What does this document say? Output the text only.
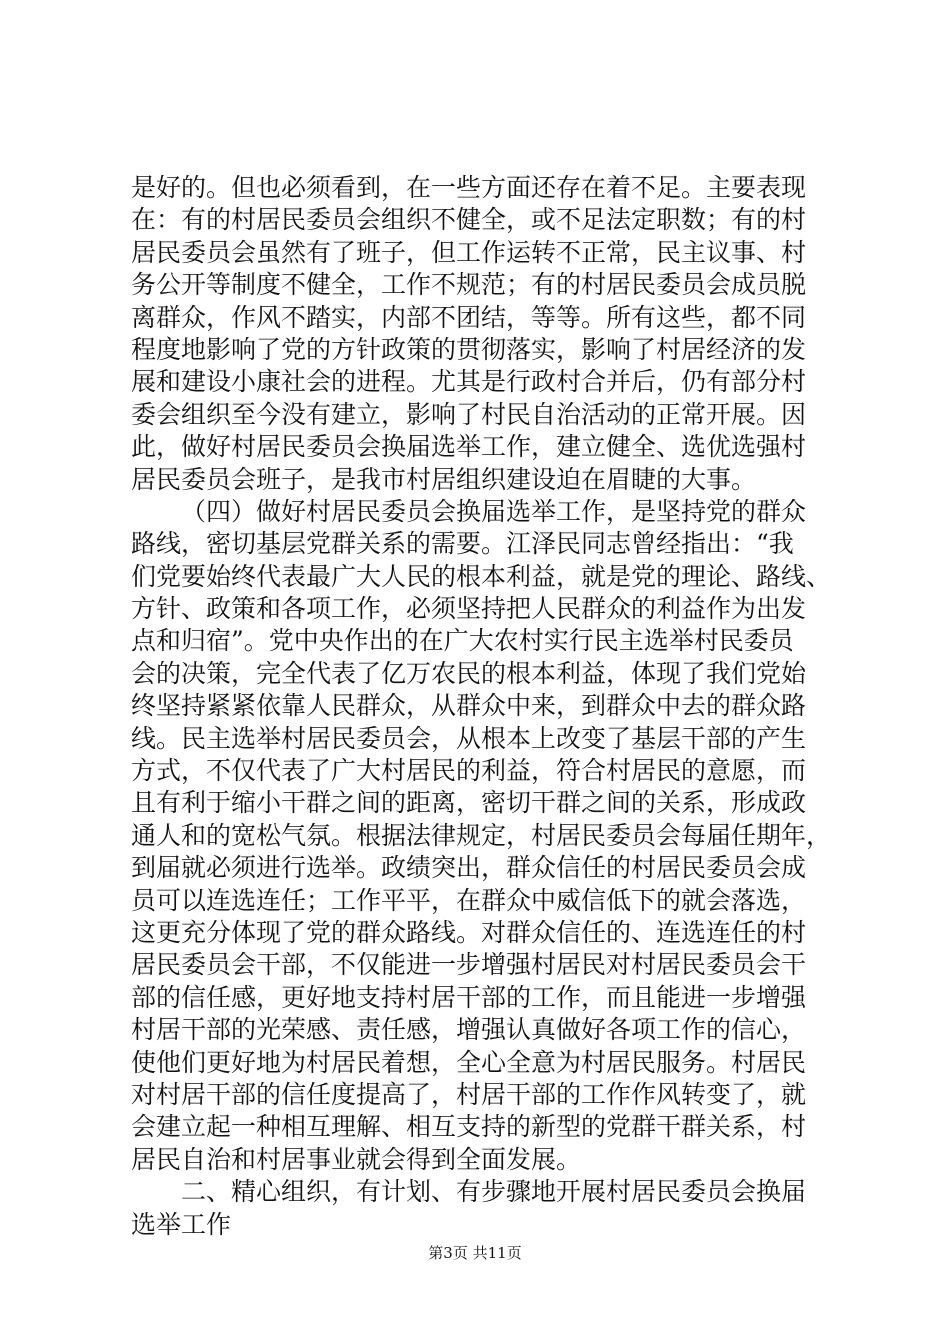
是好的。但也必须看到，在一些方面还存在着不足。主要表现
在：有的村居民委员会组织不健全，或不足法定职数；有的村
居民委员会虽然有了班子，但工作运转不正常，民主议事、村
务公开等制度不健全，工作不规范；有的村居民委员会成员脱
离群众，作风不踏实，内部不团结，等等。所有这些，都不同
程度地影响了党的方针政策的贯彻落实，影响了村居经济的发
展和建设小康社会的进程。尤其是行政村合并后，仍有部分村
委会组织至今没有建立，影响了村民自治活动的正常开展。因
此，做好村居民委员会换届选举工作，建立健全、选优选强村
居民委员会班子，是我市村居组织建设迫在眉睫的大事。
（四）做好村居民委员会换届选举工作，是坚持党的群众
路线，密切基层党群关系的需要。江泽民同志曾经指出：“我
们党要始终代表最广大人民的根本利益，就是党的理论、路线、
方针、政策和各项工作，必须坚持把人民群众的利益作为出发
点和归宿”。党中央作出的在广大农村实行民主选举村民委员
会的决策，完全代表了亿万农民的根本利益，体现了我们党始
终坚持紧紧依靠人民群众，从群众中来，到群众中去的群众路
线。民主选举村居民委员会，从根本上改变了基层干部的产生
方式，不仅代表了广大村居民的利益，符合村居民的意愿，而
且有利于缩小干群之间的距离，密切干群之间的关系，形成政
通人和的宽松气氛。根据法律规定，村居民委员会每届任期年，
到届就必须进行选举。政绩突出，群众信任的村居民委员会成
员可以连选连任；工作平平，在群众中威信低下的就会落选，
这更充分体现了党的群众路线。对群众信任的、连选连任的村
居民委员会干部，不仅能进一步增强村居民对村居民委员会干
部的信任感，更好地支持村居干部的工作，而且能进一步增强
村居干部的光荣感、责任感，增强认真做好各项工作的信心，
使他们更好地为村居民着想，全心全意为村居民服务。村居民
对村居干部的信任度提高了，村居干部的工作作风转变了，就
会建立起一种相互理解、相互支持的新型的党群干群关系，村
居民自治和村居事业就会得到全面发展。
二、精心组织，有计划、有步骤地开展村居民委员会换届
选举工作
第3页 共11页
